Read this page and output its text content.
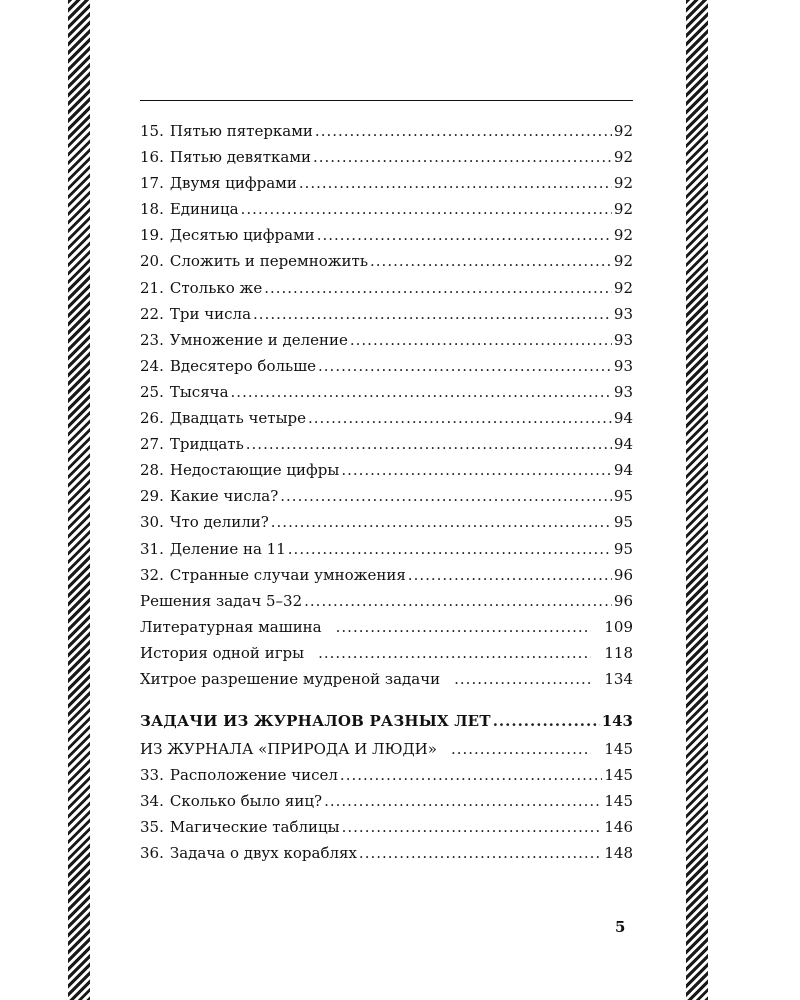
15. Пятью пятерками .....	92
16. Пятью девятками .....	92
17. Двумя цифрами .....	92
18. Единица .....	92
19. Десятью цифрами .....	92
20. Сложить и перемножить .....	92
21. Столько же .....	92
22. Три числа .....	93
23. Умножение и деление .....	93
24. Вдесятеро больше .....	93
25. Тысяча .....	93
26. Двадцать четыре .....	94
27. Тридцать .....	94
28. Недостающие цифры .....	94
29. Какие числа? .....	95
30. Что делили? .....	95
31. Деление на 11 .....	95
32. Странные случаи умножения .....	96
Решения задач 5–32 .....	96
Литературная машина .....	109
История одной игры .....	118
Хитрое разрешение мудреной задачи .....	134
ЗАДАЧИ ИЗ ЖУРНАЛОВ РАЗНЫХ ЛЕТ .....	143
ИЗ ЖУРНАЛА «ПРИРОДА И ЛЮДИ» .....	145
33. Расположение чисел .....	145
34. Сколько было яиц? .....	145
35. Магические таблицы .....	146
36. Задача о двух кораблях .....	148
5
